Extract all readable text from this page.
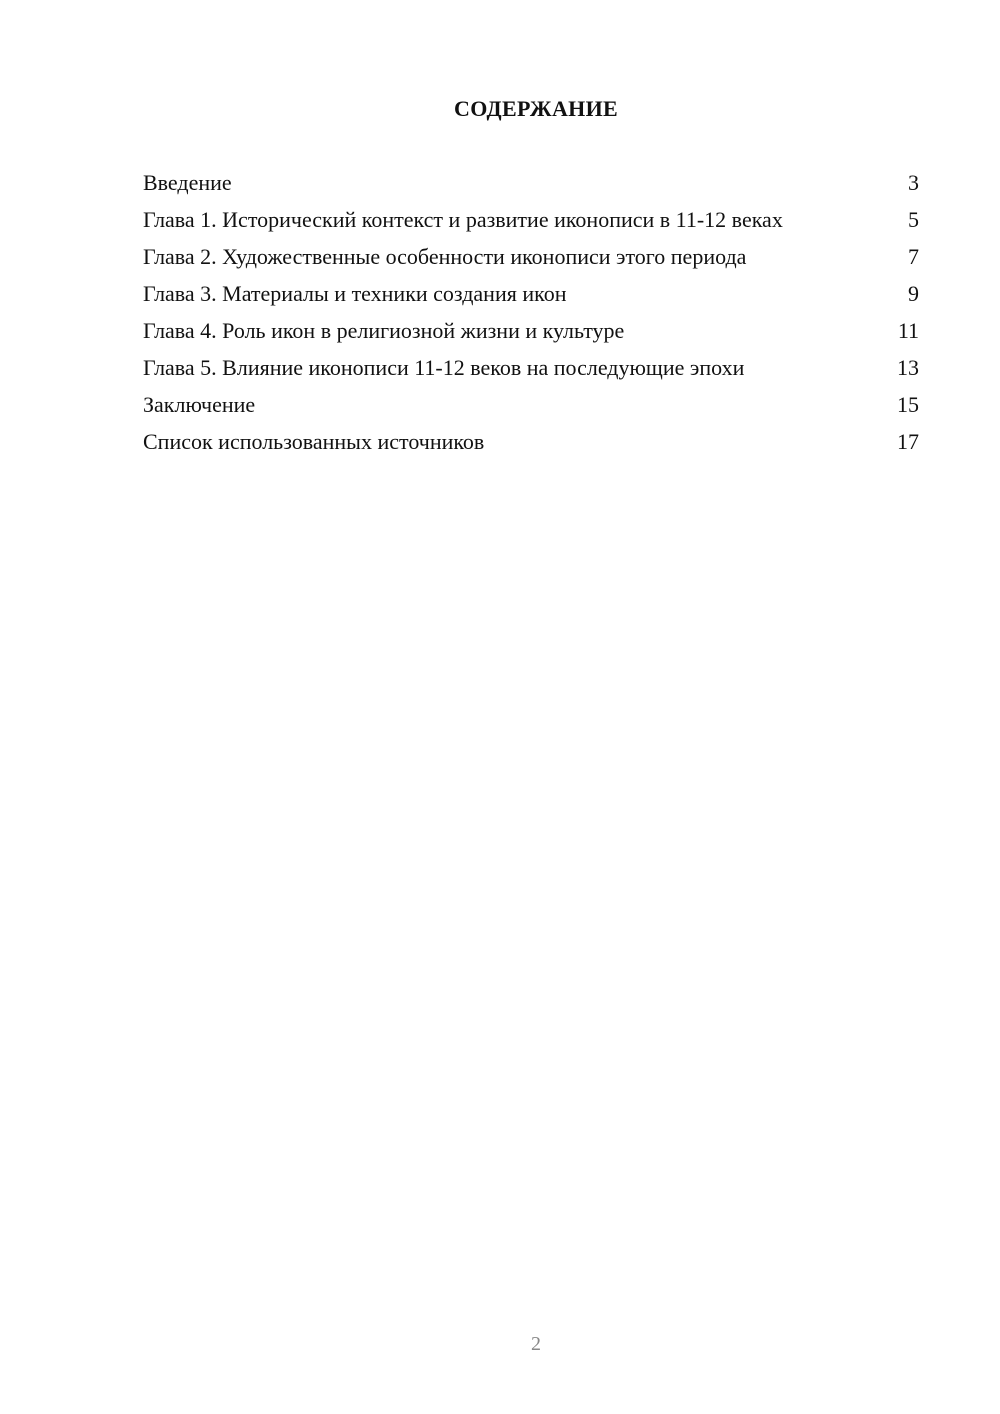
СОДЕРЖАНИЕ
Введение	3
Глава 1. Исторический контекст и развитие иконописи в 11-12 веках	5
Глава 2. Художественные особенности иконописи этого периода	7
Глава 3. Материалы и техники создания икон	9
Глава 4. Роль икон в религиозной жизни и культуре	11
Глава 5. Влияние иконописи 11-12 веков на последующие эпохи	13
Заключение	15
Список использованных источников	17
2
